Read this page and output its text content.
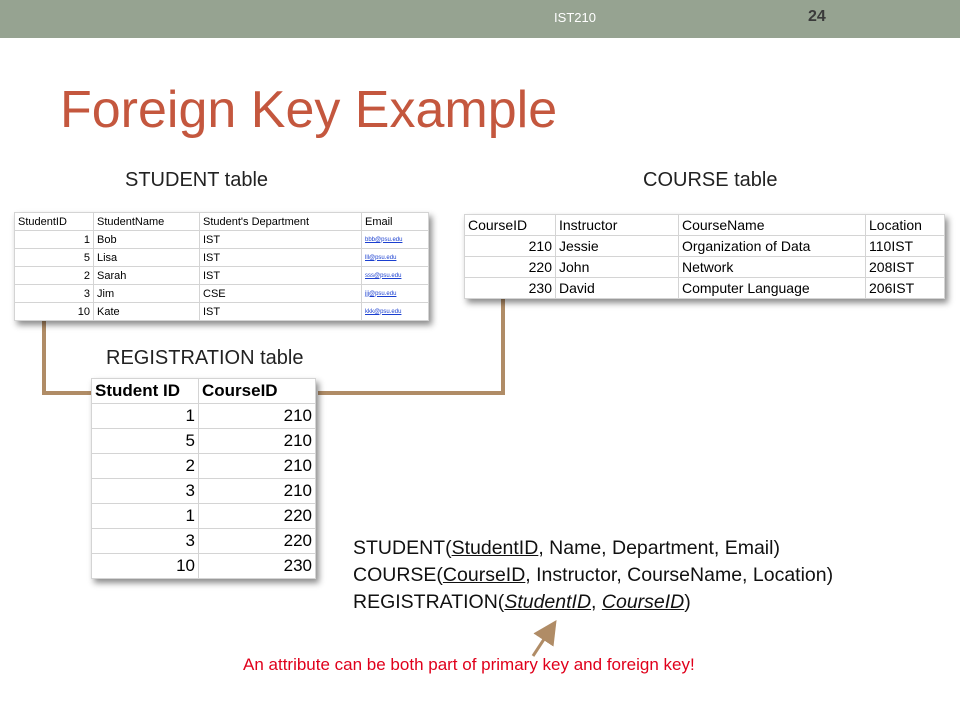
IST210	24
Foreign Key Example
STUDENT table	COURSE table
REGISTRATION table
StudentID	StudentName	Student's Department	Email
1	Bob	IST	bbb@psu.edu
5	Lisa	IST	lll@psu.edu
2	Sarah	IST	sss@psu.edu
3	Jim	CSE	jjj@psu.edu
10	Kate	IST	kkk@psu.edu
CourseID	Instructor	CourseName	Location
210	Jessie	Organization of Data	110IST
220	John	Network	208IST
230	David	Computer Language	206IST
Student ID	CourseID
1	210
5	210
2	210
3	210
1	220
3	220
10	230
STUDENT(StudentID, Name, Department, Email)
COURSE(CourseID, Instructor, CourseName, Location)
REGISTRATION(StudentID, CourseID)
An attribute can be both part of primary key and foreign key!
